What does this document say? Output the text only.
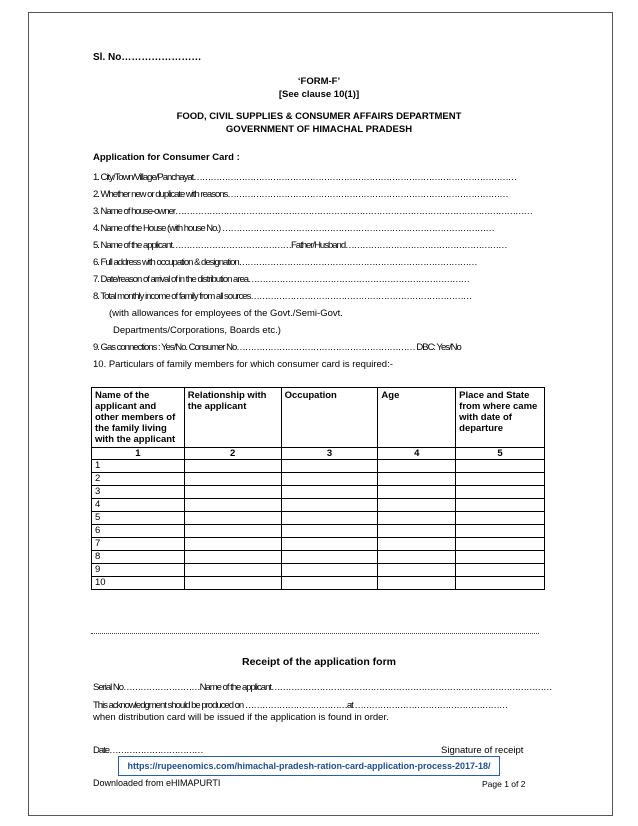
Sl. No……………………
‘FORM-F’
[See clause 10(1)]
FOOD, CIVIL SUPPLIES & CONSUMER AFFAIRS DEPARTMENT
GOVERNMENT OF HIMACHAL PRADESH
Application for Consumer Card :
1. City/Town/Village/Panchayat……………………………………………………………………………………………………
2. Whether new or duplicate with reasons………………………………………………………………………………………
3. Name of house-owner………………………………………………………………………………………………………………
4. Name of the House (with house No.) ……………………………………………………………………………………
5. Name of the applicant……………………………………Father/Husband…………………………………………………
6. Full address with occupation & designation…………………………………………………………………………
7. Date/reason of arrival of in the distribution area……………………………………………………………………
8. Total monthly income of family from all sources……………………………………………………………………
(with allowances for employees of the Govt./Semi-Govt.
Departments/Corporations, Boards etc.)
9. Gas connections : Yes/No. Consumer No……………………………………………………… DBC: Yes/No
10. Particulars of family members for which consumer card is required:-
Name of the applicant and other members of the family living with the applicant	Relationship with the applicant	Occupation	Age	Place and State from where came with date of departure
1	2	3	4	5
1				
2				
3				
4				
5				
6				
7				
8				
9				
10				
Receipt of the application form
Serial No………………………Name of the applicant………………………………………………………………………………………
This acknowledgment should be produced on ………………………………at ………………………………………………
when distribution card will be issued if the application is found in order.
Date……………………………	Signature of receipt
https://rupeenomics.com/himachal-pradesh-ration-card-application-process-2017-18/
Downloaded from eHIMAPURTI	Page 1 of 2
